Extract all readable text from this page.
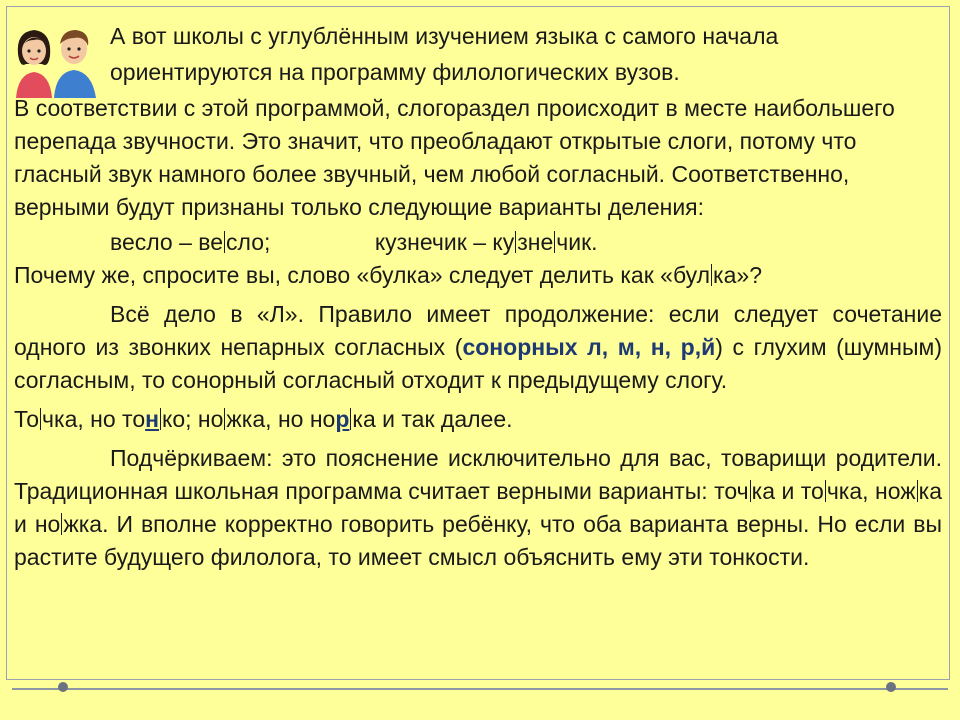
А вот школы с углублённым изучением языка с самого начала
ориентируются на программу филологических вузов.

В соответствии с этой программой, слогораздел происходит в месте наибольшего перепада звучности. Это значит, что преобладают открытые слоги, потому что гласный звук намного более звучный, чем любой согласный. Соответственно, верными будут признаны только следующие варианты деления:

весло – ве сло;	кузнечик – ку зне чик.

Почему же, спросите вы, слово «булка» следует делить как «бул ка»?

Всё дело в «Л». Правило имеет продолжение: если следует сочетание одного из звонких непарных согласных (сонорных л, м, н, р,й) с глухим (шумным) согласным, то сонорный согласный отходит к предыдущему слогу.

То чка, но тон ко; но жка, но нор ка и так далее.

Подчёркиваем: это пояснение исключительно для вас, товарищи родители. Традиционная школьная программа считает верными варианты: точ ка и то чка, нож ка и но жка. И вполне корректно говорить ребёнку, что оба варианта верны. Но если вы растите будущего филолога, то имеет смысл объяснить ему эти тонкости.
